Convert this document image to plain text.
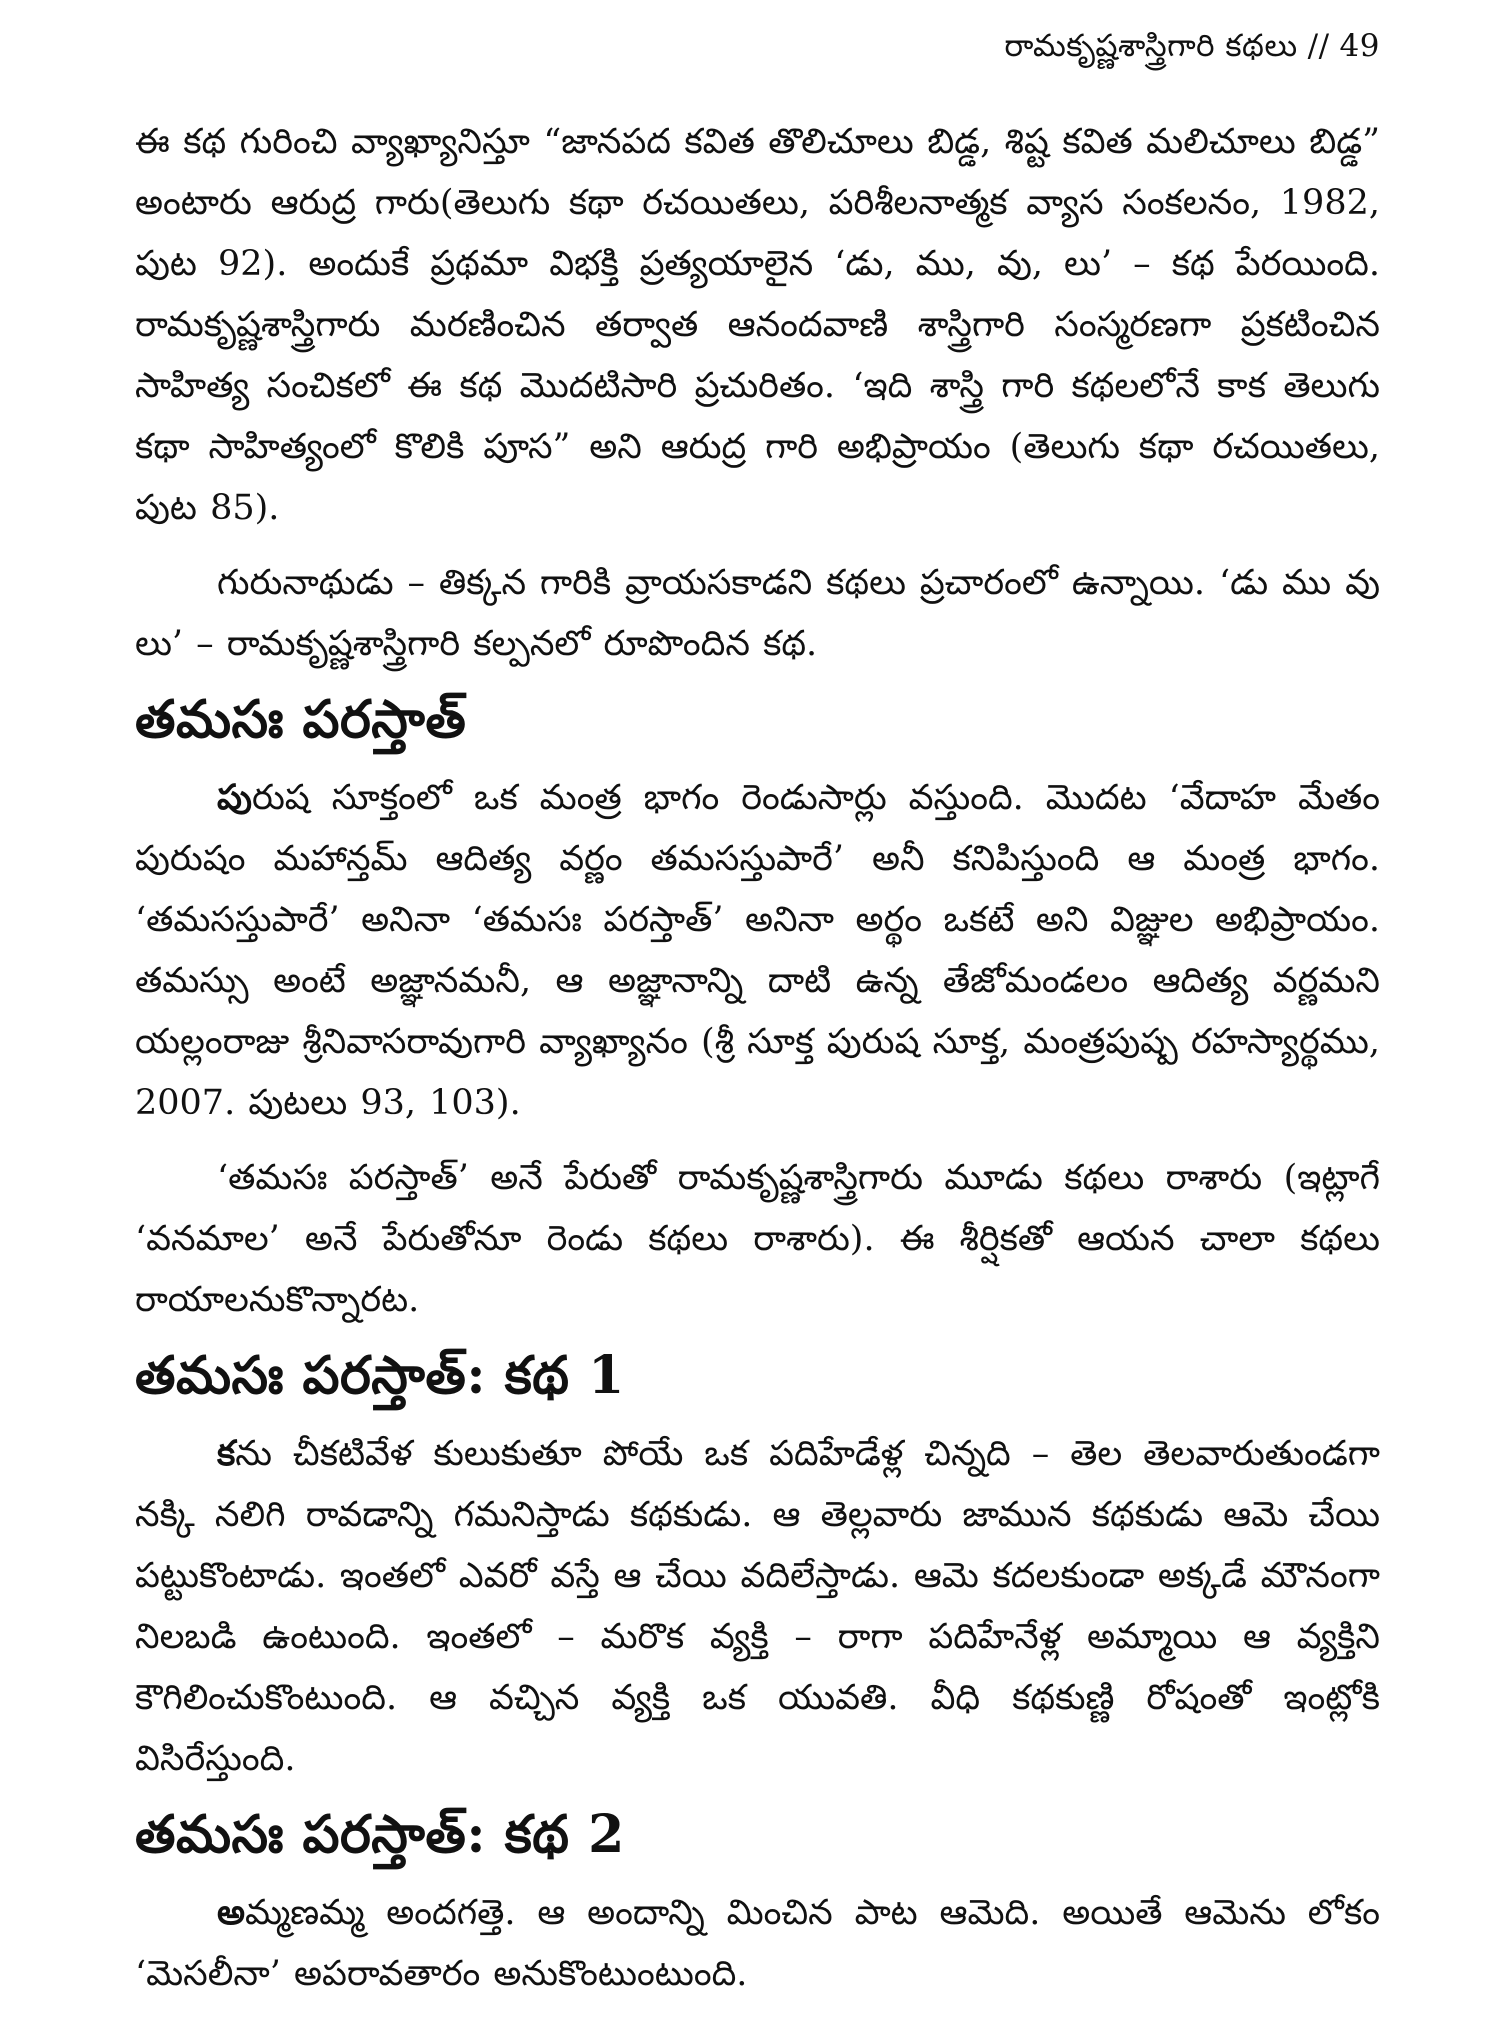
రామకృష్ణశాస్త్రిగారి కథలు // 49

ఈ కథ గురించి వ్యాఖ్యానిస్తూ “జానపద కవిత తొలిచూలు బిడ్డ, శిష్ట కవిత మలిచూలు బిడ్డ” అంటారు ఆరుద్ర గారు(తెలుగు కథా రచయితలు, పరిశీలనాత్మక వ్యాస సంకలనం, 1982, పుట 92). అందుకే ప్రథమా విభక్తి ప్రత్యయాలైన ‘డు, ము, వు, లు’ – కథ పేరయింది. రామకృష్ణశాస్త్రిగారు మరణించిన తర్వాత ఆనందవాణి శాస్త్రిగారి సంస్మరణగా ప్రకటించిన సాహిత్య సంచికలో ఈ కథ మొదటిసారి ప్రచురితం. ‘ఇది శాస్త్రి గారి కథలలోనే కాక తెలుగు కథా సాహిత్యంలో కొలికి పూస” అని ఆరుద్ర గారి అభిప్రాయం (తెలుగు కథా రచయితలు, పుట 85).

గురునాథుడు – తిక్కన గారికి వ్రాయసకాడని కథలు ప్రచారంలో ఉన్నాయి. ‘డు ము వు లు’ – రామకృష్ణశాస్త్రిగారి కల్పనలో రూపొందిన కథ.

తమసః పరస్తాత్

పురుష సూక్తంలో ఒక మంత్ర భాగం రెండుసార్లు వస్తుంది. మొదట ‘వేదాహ మేతం పురుషం మహాన్తమ్ ఆదిత్య వర్ణం తమసస్తుపారే’ అనీ కనిపిస్తుంది ఆ మంత్ర భాగం. ‘తమసస్తుపారే’ అనినా ‘తమసః పరస్తాత్’ అనినా అర్థం ఒకటే అని విజ్ఞుల అభిప్రాయం. తమస్సు అంటే అజ్ఞానమనీ, ఆ అజ్ఞానాన్ని దాటి ఉన్న తేజోమండలం ఆదిత్య వర్ణమని యల్లంరాజు శ్రీనివాసరావుగారి వ్యాఖ్యానం (శ్రీ సూక్త పురుష సూక్త, మంత్రపుష్ప రహస్యార్థము, 2007. పుటలు 93, 103).

‘తమసః పరస్తాత్’ అనే పేరుతో రామకృష్ణశాస్త్రిగారు మూడు కథలు రాశారు (ఇట్లాగే ‘వనమాల’ అనే పేరుతోనూ రెండు కథలు రాశారు). ఈ శీర్షికతో ఆయన చాలా కథలు రాయాలనుకొన్నారట.

తమసః పరస్తాత్: కథ 1

కను చీకటివేళ కులుకుతూ పోయే ఒక పదిహేడేళ్ల చిన్నది – తెల తెలవారుతుండగా నక్కి నలిగి రావడాన్ని గమనిస్తాడు కథకుడు. ఆ తెల్లవారు జామున కథకుడు ఆమె చేయి పట్టుకొంటాడు. ఇంతలో ఎవరో వస్తే ఆ చేయి వదిలేస్తాడు. ఆమె కదలకుండా అక్కడే మౌనంగా నిలబడి ఉంటుంది. ఇంతలో – మరొక వ్యక్తి – రాగా పదిహేనేళ్ల అమ్మాయి ఆ వ్యక్తిని కౌగిలించుకొంటుంది. ఆ వచ్చిన వ్యక్తి ఒక యువతి. వీధి కథకుణ్ణి రోషంతో ఇంట్లోకి విసిరేస్తుంది.

తమసః పరస్తాత్: కథ 2

అమ్మణమ్మ అందగత్తె. ఆ అందాన్ని మించిన పాట ఆమెది. అయితే ఆమెను లోకం ‘మెసలీనా’ అపరావతారం అనుకొంటుంటుంది.
